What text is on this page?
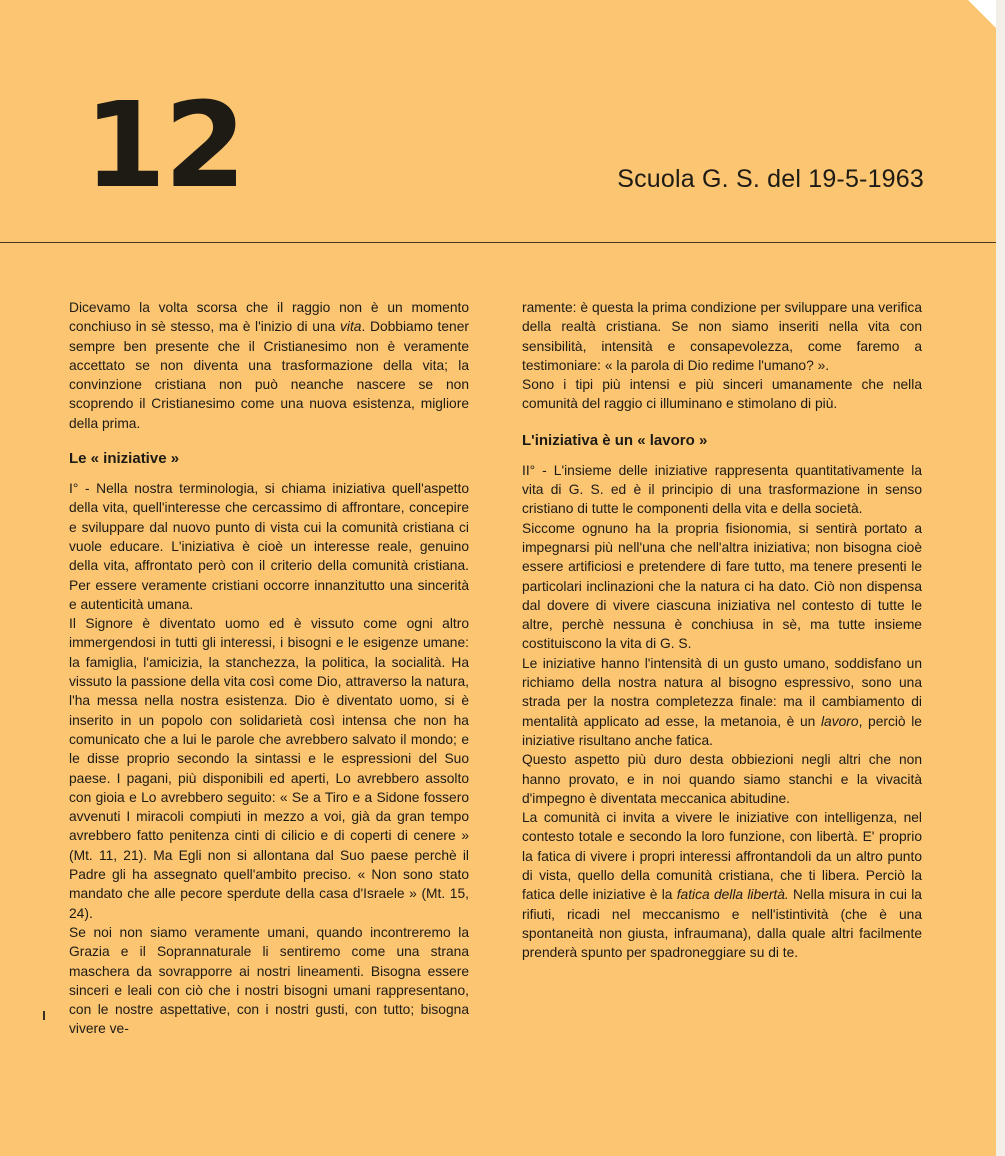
12	Scuola G. S. del 19-5-1963

Dicevamo la volta scorsa che il raggio non è un momento conchiuso in sè stesso, ma è l'inizio di una vita. Dobbiamo tener sempre ben presente che il Cristianesimo non è veramente accettato se non diventa una trasformazione della vita; la convinzione cristiana non può neanche nascere se non scoprendo il Cristianesimo come una nuova esistenza, migliore della prima.

Le « iniziative »

I° - Nella nostra terminologia, si chiama iniziativa quell'aspetto della vita, quell'interesse che cercassimo di affrontare, concepire e sviluppare dal nuovo punto di vista cui la comunità cristiana ci vuole educare. L'iniziativa è cioè un interesse reale, genuino della vita, affrontato però con il criterio della comunità cristiana. Per essere veramente cristiani occorre innanzitutto una sincerità e autenticità umana.

Il Signore è diventato uomo ed è vissuto come ogni altro immergendosi in tutti gli interessi, i bisogni e le esigenze umane: la famiglia, l'amicizia, la stanchezza, la politica, la socialità. Ha vissuto la passione della vita così come Dio, attraverso la natura, l'ha messa nella nostra esistenza. Dio è diventato uomo, si è inserito in un popolo con solidarietà così intensa che non ha comunicato che a lui le parole che avrebbero salvato il mondo; e le disse proprio secondo la sintassi e le espressioni del Suo paese. I pagani, più disponibili ed aperti, Lo avrebbero assolto con gioia e Lo avrebbero seguito: « Se a Tiro e a Sidone fossero avvenuti I miracoli compiuti in mezzo a voi, già da gran tempo avrebbero fatto penitenza cinti di cilicio e di coperti di cenere » (Mt. 11, 21). Ma Egli non si allontana dal Suo paese perchè il Padre gli ha assegnato quell'ambito preciso. « Non sono stato mandato che alle pecore sperdute della casa d'Israele » (Mt. 15, 24).

Se noi non siamo veramente umani, quando incontreremo la Grazia e il Soprannaturale li sentiremo come una strana maschera da sovrapporre ai nostri lineamenti. Bisogna essere sinceri e leali con ciò che i nostri bisogni umani rappresentano, con le nostre aspettative, con i nostri gusti, con tutto; bisogna vivere ve-

ramente: è questa la prima condizione per sviluppare una verifica della realtà cristiana. Se non siamo inseriti nella vita con sensibilità, intensità e consapevolezza, come faremo a testimoniare: « la parola di Dio redime l'umano? ».

Sono i tipi più intensi e più sinceri umanamente che nella comunità del raggio ci illuminano e stimolano di più.

L'iniziativa è un « lavoro »

II° - L'insieme delle iniziative rappresenta quantitativamente la vita di G. S. ed è il principio di una trasformazione in senso cristiano di tutte le componenti della vita e della società.

Siccome ognuno ha la propria fisionomia, si sentirà portato a impegnarsi più nell'una che nell'altra iniziativa; non bisogna cioè essere artificiosi e pretendere di fare tutto, ma tenere presenti le particolari inclinazioni che la natura ci ha dato. Ciò non dispensa dal dovere di vivere ciascuna iniziativa nel contesto di tutte le altre, perchè nessuna è conchiusa in sè, ma tutte insieme costituiscono la vita di G. S.

Le iniziative hanno l'intensità di un gusto umano, soddisfano un richiamo della nostra natura al bisogno espressivo, sono una strada per la nostra completezza finale: ma il cambiamento di mentalità applicato ad esse, la metanoia, è un lavoro, perciò le iniziative risultano anche fatica.

Questo aspetto più duro desta obbiezioni negli altri che non hanno provato, e in noi quando siamo stanchi e la vivacità d'impegno è diventata meccanica abitudine.

La comunità ci invita a vivere le iniziative con intelligenza, nel contesto totale e secondo la loro funzione, con libertà. E' proprio la fatica di vivere i propri interessi affrontandoli da un altro punto di vista, quello della comunità cristiana, che ti libera. Perciò la fatica delle iniziative è la fatica della libertà. Nella misura in cui la rifiuti, ricadi nel meccanismo e nell'istintività (che è una spontaneità non giusta, infraumana), dalla quale altri facilmente prenderà spunto per spadroneggiare su di te.
